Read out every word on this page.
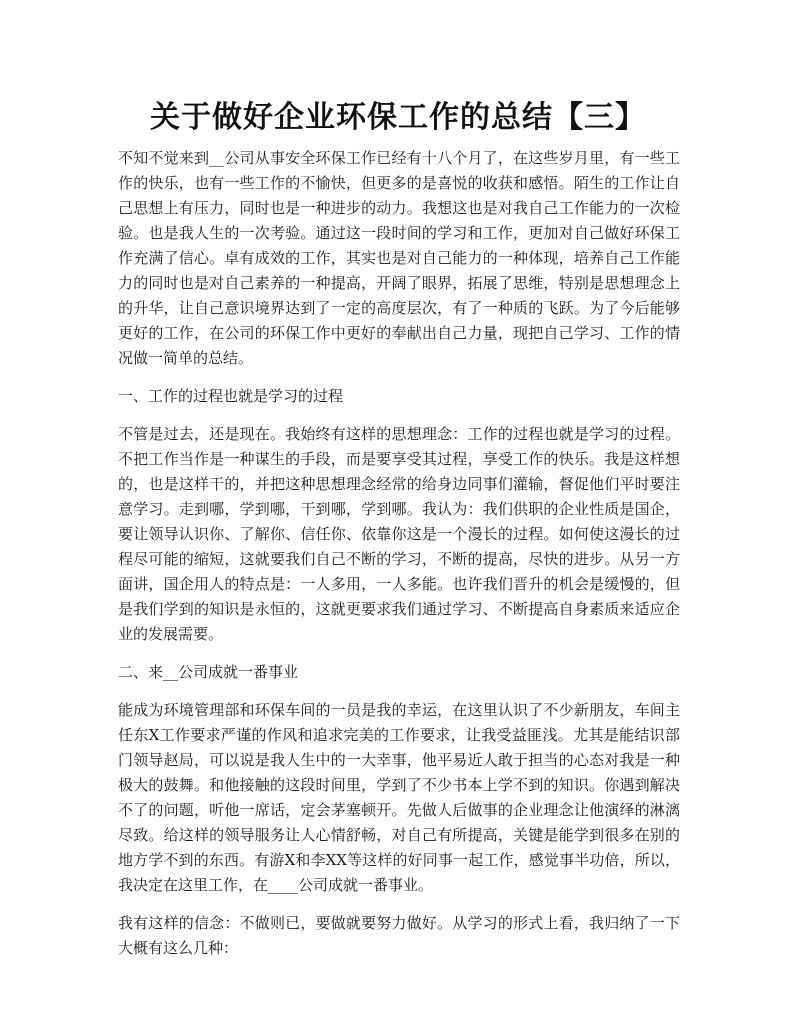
关于做好企业环保工作的总结【三】

不知不觉来到__公司从事安全环保工作已经有十八个月了，在这些岁月里，有一些工作的快乐，也有一些工作的不愉快，但更多的是喜悦的收获和感悟。陌生的工作让自己思想上有压力，同时也是一种进步的动力。我想这也是对我自己工作能力的一次检验。也是我人生的一次考验。通过这一段时间的学习和工作，更加对自己做好环保工作充满了信心。卓有成效的工作，其实也是对自己能力的一种体现，培养自己工作能力的同时也是对自己素养的一种提高，开阔了眼界，拓展了思维，特别是思想理念上的升华，让自己意识境界达到了一定的高度层次，有了一种质的飞跃。为了今后能够更好的工作，在公司的环保工作中更好的奉献出自己力量，现把自己学习、工作的情况做一简单的总结。

一、工作的过程也就是学习的过程

不管是过去，还是现在。我始终有这样的思想理念：工作的过程也就是学习的过程。不把工作当作是一种谋生的手段，而是要享受其过程，享受工作的快乐。我是这样想的，也是这样干的，并把这种思想理念经常的给身边同事们灌输，督促他们平时要注意学习。走到哪，学到哪，干到哪，学到哪。我认为：我们供职的企业性质是国企，要让领导认识你、了解你、信任你、依靠你这是一个漫长的过程。如何使这漫长的过程尽可能的缩短，这就要我们自己不断的学习，不断的提高，尽快的进步。从另一方面讲，国企用人的特点是：一人多用，一人多能。也许我们晋升的机会是缓慢的，但是我们学到的知识是永恒的，这就更要求我们通过学习、不断提高自身素质来适应企业的发展需要。

二、来__公司成就一番事业

能成为环境管理部和环保车间的一员是我的幸运，在这里认识了不少新朋友，车间主任东X工作要求严谨的作风和追求完美的工作要求，让我受益匪浅。尤其是能结识部门领导赵局，可以说是我人生中的一大幸事，他平易近人敢于担当的心态对我是一种极大的鼓舞。和他接触的这段时间里，学到了不少书本上学不到的知识。你遇到解决不了的问题，听他一席话，定会茅塞顿开。先做人后做事的企业理念让他演绎的淋漓尽致。给这样的领导服务让人心情舒畅，对自己有所提高，关键是能学到很多在别的地方学不到的东西。有游X和李XX等这样的好同事一起工作，感觉事半功倍，所以，我决定在这里工作，在____公司成就一番事业。

我有这样的信念：不做则已，要做就要努力做好。从学习的形式上看，我归纳了一下大概有这么几种：
